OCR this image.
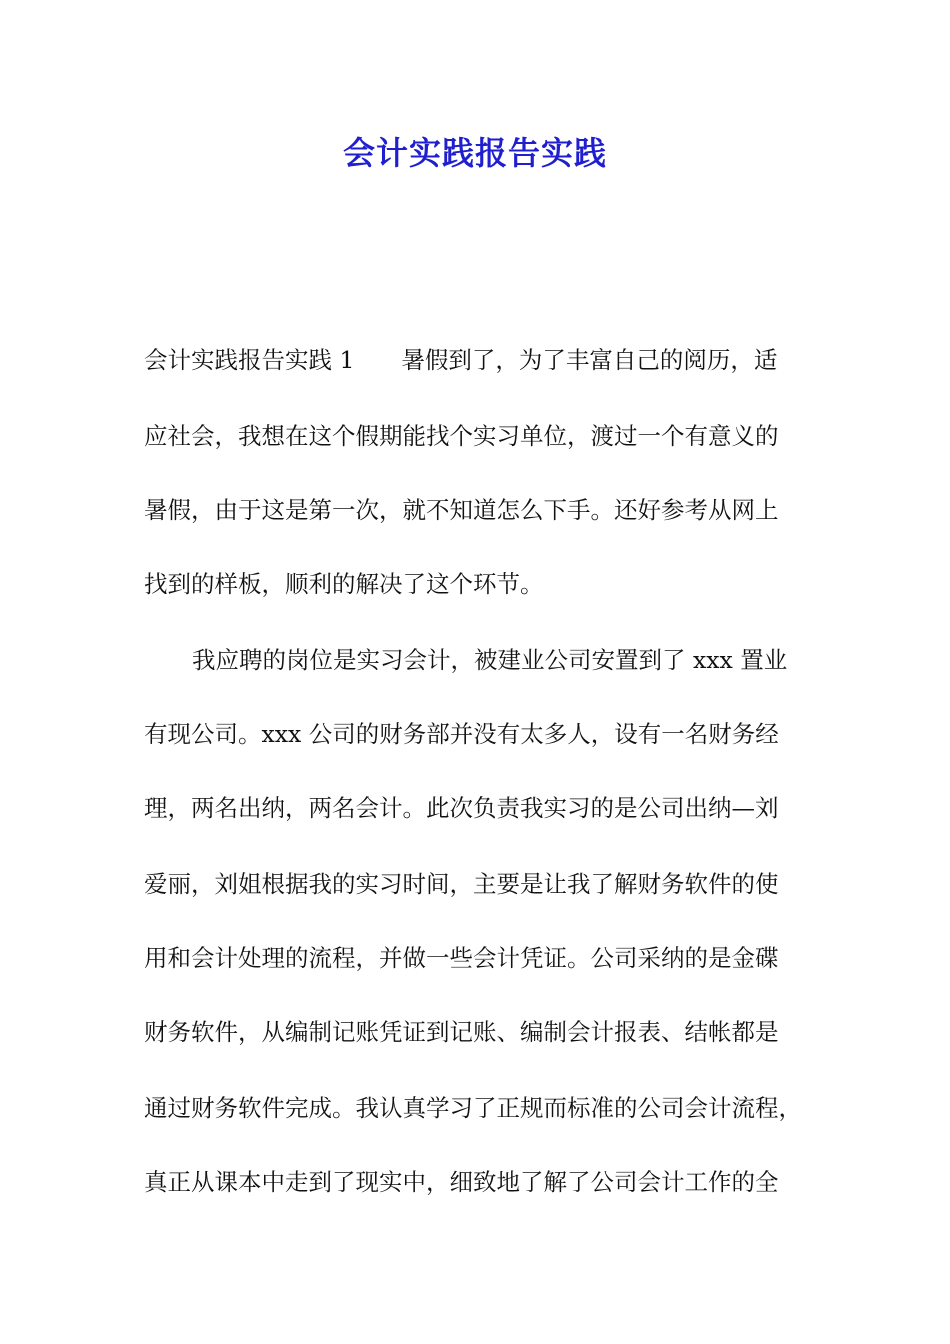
会计实践报告实践
会计实践报告实践 1　　暑假到了，为了丰富自己的阅历，适
应社会，我想在这个假期能找个实习单位，渡过一个有意义的
暑假，由于这是第一次，就不知道怎么下手。还好参考从网上
找到的样板，顺利的解决了这个环节。
我应聘的岗位是实习会计，被建业公司安置到了 xxx 置业
有现公司。xxx 公司的财务部并没有太多人，设有一名财务经
理，两名出纳，两名会计。此次负责我实习的是公司出纳—刘
爱丽，刘姐根据我的实习时间，主要是让我了解财务软件的使
用和会计处理的流程，并做一些会计凭证。公司采纳的是金碟
财务软件，从编制记账凭证到记账、编制会计报表、结帐都是
通过财务软件完成。我认真学习了正规而标准的公司会计流程，
真正从课本中走到了现实中，细致地了解了公司会计工作的全
